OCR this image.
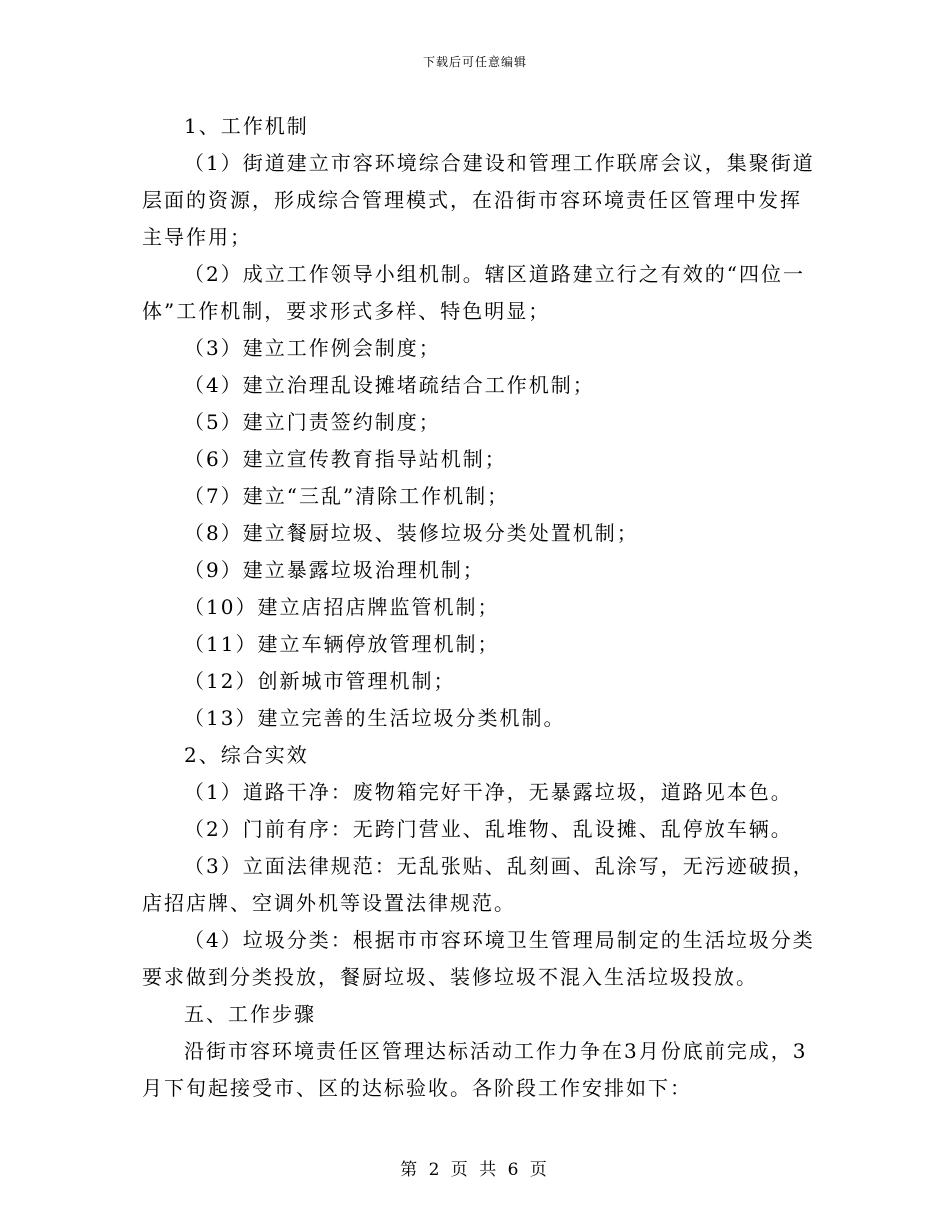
下载后可任意编辑
1、工作机制
（1）街道建立市容环境综合建设和管理工作联席会议，集聚街道
层面的资源，形成综合管理模式，在沿街市容环境责任区管理中发挥
主导作用；
（2）成立工作领导小组机制。辖区道路建立行之有效的“四位一
体”工作机制，要求形式多样、特色明显；
（3）建立工作例会制度；
（4）建立治理乱设摊堵疏结合工作机制；
（5）建立门责签约制度；
（6）建立宣传教育指导站机制；
（7）建立“三乱”清除工作机制；
（8）建立餐厨垃圾、装修垃圾分类处置机制；
（9）建立暴露垃圾治理机制；
（10）建立店招店牌监管机制；
（11）建立车辆停放管理机制；
（12）创新城市管理机制；
（13）建立完善的生活垃圾分类机制。
2、综合实效
（1）道路干净：废物箱完好干净，无暴露垃圾，道路见本色。
（2）门前有序：无跨门营业、乱堆物、乱设摊、乱停放车辆。
（3）立面法律规范：无乱张贴、乱刻画、乱涂写，无污迹破损，
店招店牌、空调外机等设置法律规范。
（4）垃圾分类：根据市市容环境卫生管理局制定的生活垃圾分类
要求做到分类投放，餐厨垃圾、装修垃圾不混入生活垃圾投放。
五、工作步骤
沿街市容环境责任区管理达标活动工作力争在3月份底前完成，3
月下旬起接受市、区的达标验收。各阶段工作安排如下：
第 2 页 共 6 页
